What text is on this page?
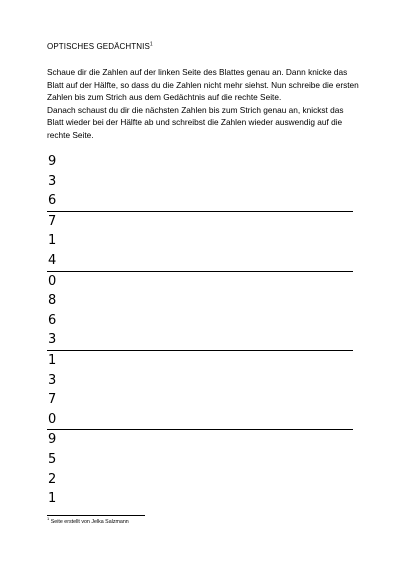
OPTISCHES GEDÄCHTNIS$^1$

Schaue dir die Zahlen auf der linken Seite des Blattes genau an. Dann knicke das Blatt auf der Hälfte, so dass du die Zahlen nicht mehr siehst. Nun schreibe die ersten Zahlen bis zum Strich aus dem Gedächtnis auf die rechte Seite.

Danach schaust du dir die nächsten Zahlen bis zum Strich genau an, knickst das Blatt wieder bei der Hälfte ab und schreibst die Zahlen wieder auswendig auf die rechte Seite.

9
3
6
7
1
4
0
8
6
3
1
3
7
0
9
5
2
1
$^1$ Seite erstellt von Jelka Salzmann
